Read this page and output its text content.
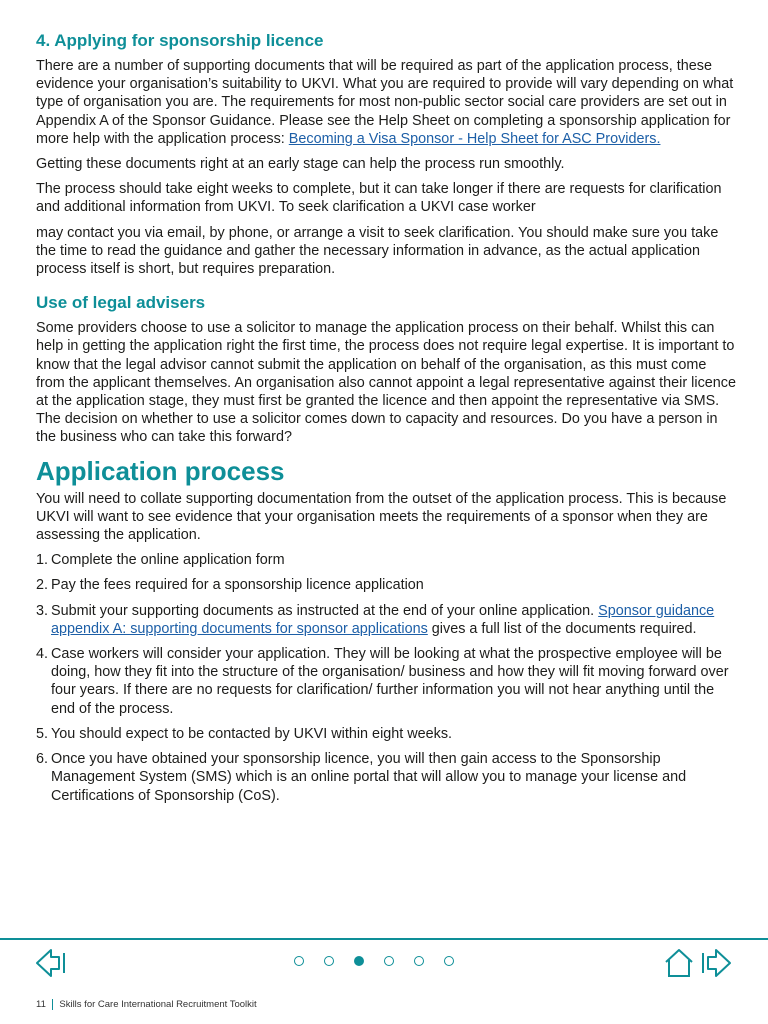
4. Applying for sponsorship licence

There are a number of supporting documents that will be required as part of the application process, these evidence your organisation’s suitability to UKVI. What you are required to provide will vary depending on what type of organisation you are. The requirements for most non-public sector social care providers are set out in Appendix A of the Sponsor Guidance. Please see the Help Sheet on completing a sponsorship application for more help with the application process: Becoming a Visa Sponsor - Help Sheet for ASC Providers.

Getting these documents right at an early stage can help the process run smoothly.

The process should take eight weeks to complete, but it can take longer if there are requests for clarification and additional information from UKVI. To seek clarification a UKVI case worker

may contact you via email, by phone, or arrange a visit to seek clarification. You should make sure you take the time to read the guidance and gather the necessary information in advance, as the actual application process itself is short, but requires preparation.

Use of legal advisers

Some providers choose to use a solicitor to manage the application process on their behalf. Whilst this can help in getting the application right the first time, the process does not require legal expertise. It is important to know that the legal advisor cannot submit the application on behalf of the organisation, as this must come from the applicant themselves. An organisation also cannot appoint a legal representative against their licence at the application stage, they must first be granted the licence and then appoint the representative via SMS. The decision on whether to use a solicitor comes down to capacity and resources. Do you have a person in the business who can take this forward?

Application process

You will need to collate supporting documentation from the outset of the application process. This is because UKVI will want to see evidence that your organisation meets the requirements of a sponsor when they are assessing the application.

1. Complete the online application form
2. Pay the fees required for a sponsorship licence application
3. Submit your supporting documents as instructed at the end of your online application. Sponsor guidance appendix A: supporting documents for sponsor applications gives a full list of the documents required.
4. Case workers will consider your application. They will be looking at what the prospective employee will be doing, how they fit into the structure of the organisation/ business and how they will fit moving forward over four years. If there are no requests for clarification/ further information you will not hear anything until the end of the process.
5. You should expect to be contacted by UKVI within eight weeks.
6. Once you have obtained your sponsorship licence, you will then gain access to the Sponsorship Management System (SMS) which is an online portal that will allow you to manage your license and Certifications of Sponsorship (CoS).
11 Skills for Care International Recruitment Toolkit
